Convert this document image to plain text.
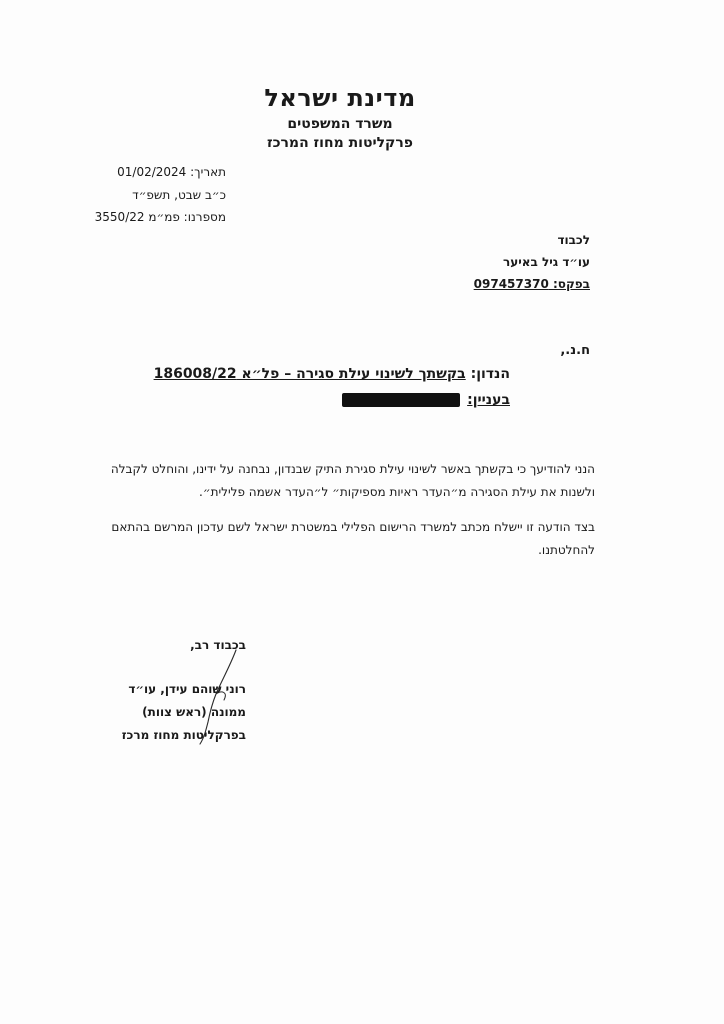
מדינת ישראל
משרד המשפטים
פרקליטות מחוז המרכז
תאריך: 01/02/2024
כ״ב שבט, תשפ״ד
מספרנו: פמ״מ 3550/22
לכבוד
עו״ד גיל באיער
בפקס: 097457370
ח.נ.,
הנדון: בקשתך לשינוי עילת סגירה – פל״א 186008/22
בעניין:
הנני להודיעך כי בקשתך באשר לשינוי עילת סגירת התיק שבנדון, נבחנה על ידינו, והוחלט לקבלה ולשנות את עילת הסגירה מ״העדר ראיות מספיקות״ ל״העדר אשמה פלילית״.
בצד הודעה זו יישלח מכתב למשרד הרישום הפלילי במשטרת ישראל לשם עדכון המרשם בהתאם להחלטתנו.
בכבוד רב,
רוני שוהם עידן, עו״ד
ממונה (ראש צוות)
בפרקליטות מחוז מרכז
